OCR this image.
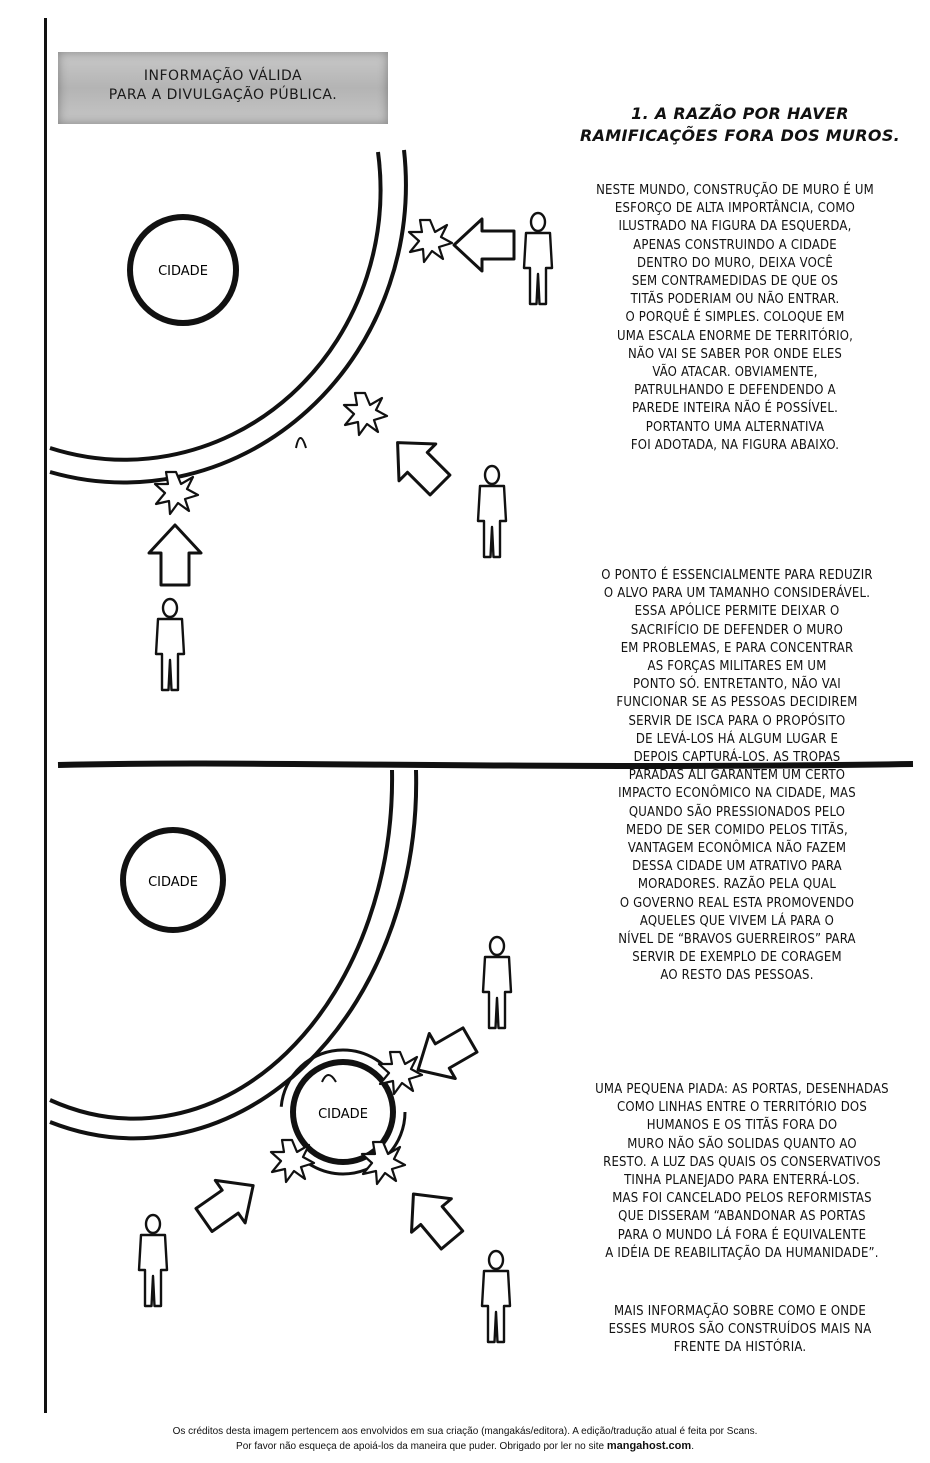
INFORMAÇÃO VÁLIDA
PARA A DIVULGAÇÃO PÚBLICA.
1. A RAZÃO POR HAVER
RAMIFICAÇÕES FORA DOS MUROS.
NESTE MUNDO, CONSTRUÇÃO DE MURO É UM
ESFORÇO DE ALTA IMPORTÂNCIA, COMO
ILUSTRADO NA FIGURA DA ESQUERDA,
APENAS CONSTRUINDO A CIDADE
DENTRO DO MURO, DEIXA VOCÊ
SEM CONTRAMEDIDAS DE QUE OS
TITÃS PODERIAM OU NÃO ENTRAR.
O PORQUÊ É SIMPLES. COLOQUE EM
UMA ESCALA ENORME DE TERRITÓRIO,
NÃO VAI SE SABER POR ONDE ELES
VÃO ATACAR. OBVIAMENTE,
PATRULHANDO E DEFENDENDO A
PAREDE INTEIRA NÃO É POSSÍVEL.
PORTANTO UMA ALTERNATIVA
FOI ADOTADA, NA FIGURA ABAIXO.
O PONTO É ESSENCIALMENTE PARA REDUZIR
O ALVO PARA UM TAMANHO CONSIDERÁVEL.
ESSA APÓLICE PERMITE DEIXAR O
SACRIFÍCIO DE DEFENDER O MURO
EM PROBLEMAS, E PARA CONCENTRAR
AS FORÇAS MILITARES EM UM
PONTO SÓ. ENTRETANTO, NÃO VAI
FUNCIONAR SE AS PESSOAS DECIDIREM
SERVIR DE ISCA PARA O PROPÓSITO
DE LEVÁ-LOS HÁ ALGUM LUGAR E
DEPOIS CAPTURÁ-LOS. AS TROPAS
PARADAS ALI GARANTEM UM CERTO
IMPACTO ECONÔMICO NA CIDADE, MAS
QUANDO SÃO PRESSIONADOS PELO
MEDO DE SER COMIDO PELOS TITÃS,
VANTAGEM ECONÔMICA NÃO FAZEM
DESSA CIDADE UM ATRATIVO PARA
MORADORES. RAZÃO PELA QUAL
O GOVERNO REAL ESTA PROMOVENDO
AQUELES QUE VIVEM LÁ PARA O
NÍVEL DE “BRAVOS GUERREIROS” PARA
SERVIR DE EXEMPLO DE CORAGEM
AO RESTO DAS PESSOAS.
UMA PEQUENA PIADA: AS PORTAS, DESENHADAS
COMO LINHAS ENTRE O TERRITÓRIO DOS
HUMANOS E OS TITÃS FORA DO
MURO NÃO SÃO SOLIDAS QUANTO AO
RESTO. A LUZ DAS QUAIS OS CONSERVATIVOS
TINHA PLANEJADO PARA ENTERRÁ-LOS.
MAS FOI CANCELADO PELOS REFORMISTAS
QUE DISSERAM “ABANDONAR AS PORTAS
PARA O MUNDO LÁ FORA É EQUIVALENTE
A IDÉIA DE REABILITAÇÃO DA HUMANIDADE”.
MAIS INFORMAÇÃO SOBRE COMO E ONDE
ESSES MUROS SÃO CONSTRUÍDOS MAIS NA
FRENTE DA HISTÓRIA.
CIDADE
CIDADE
CIDADE
Os créditos desta imagem pertencem aos envolvidos em sua criação (mangakás/editora). A edição/tradução atual é feita por Scans.
Por favor não esqueça de apoiá-los da maneira que puder. Obrigado por ler no site mangahost.com.
